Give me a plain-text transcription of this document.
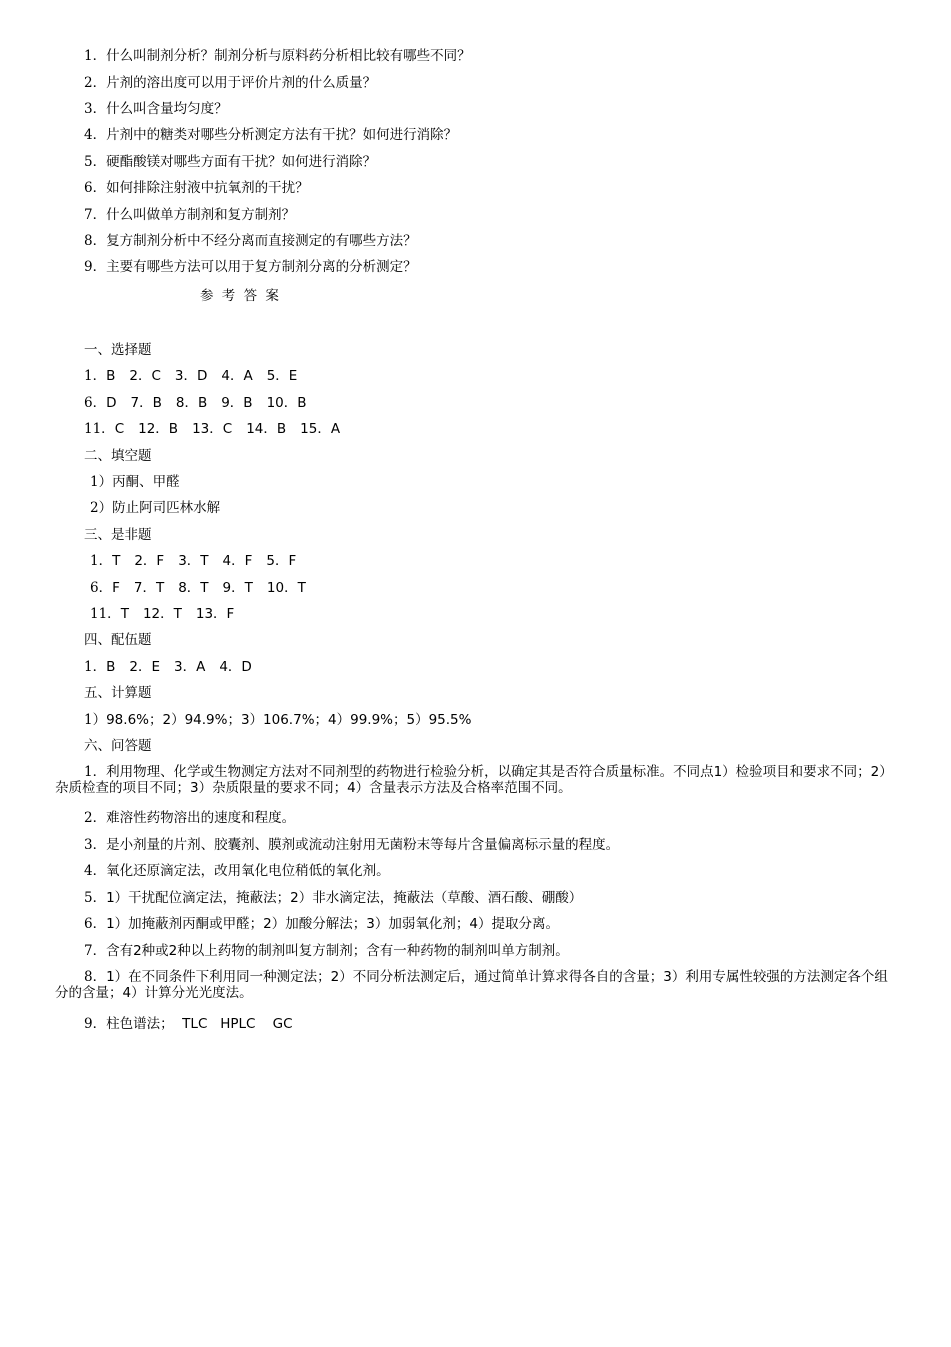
1．什么叫制剂分析？制剂分析与原料药分析相比较有哪些不同？
2．片剂的溶出度可以用于评价片剂的什么质量？
3．什么叫含量均匀度？
4．片剂中的糖类对哪些分析测定方法有干扰？如何进行消除？
5．硬酯酸镁对哪些方面有干扰？如何进行消除？
6．如何排除注射液中抗氧剂的干扰？
7．什么叫做单方制剂和复方制剂？
8．复方制剂分析中不经分离而直接测定的有哪些方法？
9．主要有哪些方法可以用于复方制剂分离的分析测定？
参 考 答 案
一、选择题
1．B 2．C 3．D 4．A 5．E
6．D 7．B 8．B 9．B 10．B
11．C 12．B 13．C 14．B 15．A
二、填空题
1）丙酮、甲醛
2）防止阿司匹林水解
三、是非题
1．T 2．F 3．T 4．F 5．F
6．F 7．T 8．T 9．T 10．T
11．T 12．T 13．F
四、配伍题
1．B 2．E 3．A 4．D
五、计算题
1）98.6%；2）94.9%；3）106.7%；4）99.9%；5）95.5%
六、问答题
1．利用物理、化学或生物测定方法对不同剂型的药物进行检验分析，以确定其是否符合质量标准。不同点1）检验项目和要求不同；2）杂质检查的项目不同；3）杂质限量的要求不同；4）含量表示方法及合格率范围不同。
2．难溶性药物溶出的速度和程度。
3．是小剂量的片剂、胶囊剂、膜剂或流动注射用无菌粉末等每片含量偏离标示量的程度。
4．氧化还原滴定法，改用氧化电位稍低的氧化剂。
5．1）干扰配位滴定法，掩蔽法；2）非水滴定法，掩蔽法（草酸、酒石酸、硼酸）
6．1）加掩蔽剂丙酮或甲醛；2）加酸分解法；3）加弱氧化剂；4）提取分离。
7．含有2种或2种以上药物的制剂叫复方制剂；含有一种药物的制剂叫单方制剂。
8．1）在不同条件下利用同一种测定法；2）不同分析法测定后，通过简单计算求得各自的含量；3）利用专属性较强的方法测定各个组分的含量；4）计算分光光度法。
9．柱色谱法；  TLC   HPLC    GC
